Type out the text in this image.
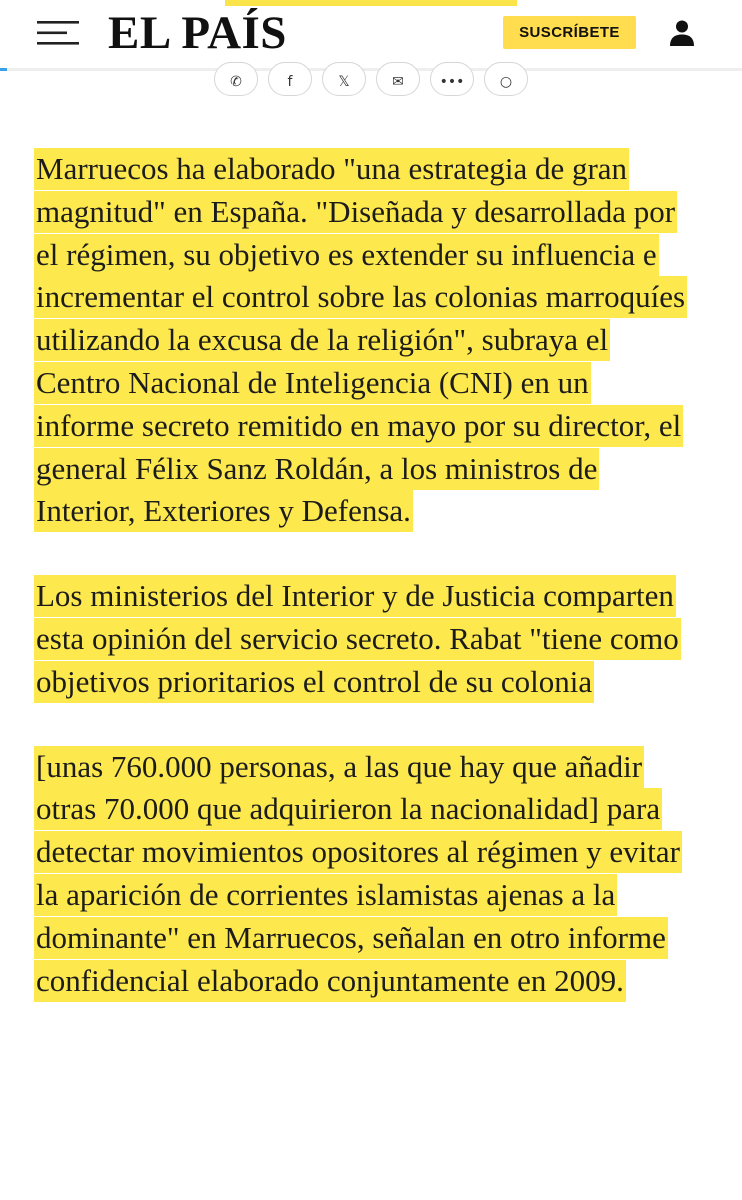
EL PAÍS	SUSCRÍBETE
✆	f	𝕏	✉	•••	○

Marruecos ha elaborado "una estrategia de gran magnitud" en España. "Diseñada y desarrollada por el régimen, su objetivo es extender su influencia e incrementar el control sobre las colonias marroquíes utilizando la excusa de la religión", subraya el Centro Nacional de Inteligencia (CNI) en un informe secreto remitido en mayo por su director, el general Félix Sanz Roldán, a los ministros de Interior, Exteriores y Defensa.

Los ministerios del Interior y de Justicia comparten esta opinión del servicio secreto. Rabat "tiene como objetivos prioritarios el control de su colonia

[unas 760.000 personas, a las que hay que añadir otras 70.000 que adquirieron la nacionalidad] para detectar movimientos opositores al régimen y evitar la aparición de corrientes islamistas ajenas a la dominante" en Marruecos, señalan en otro informe confidencial elaborado conjuntamente en 2009.
